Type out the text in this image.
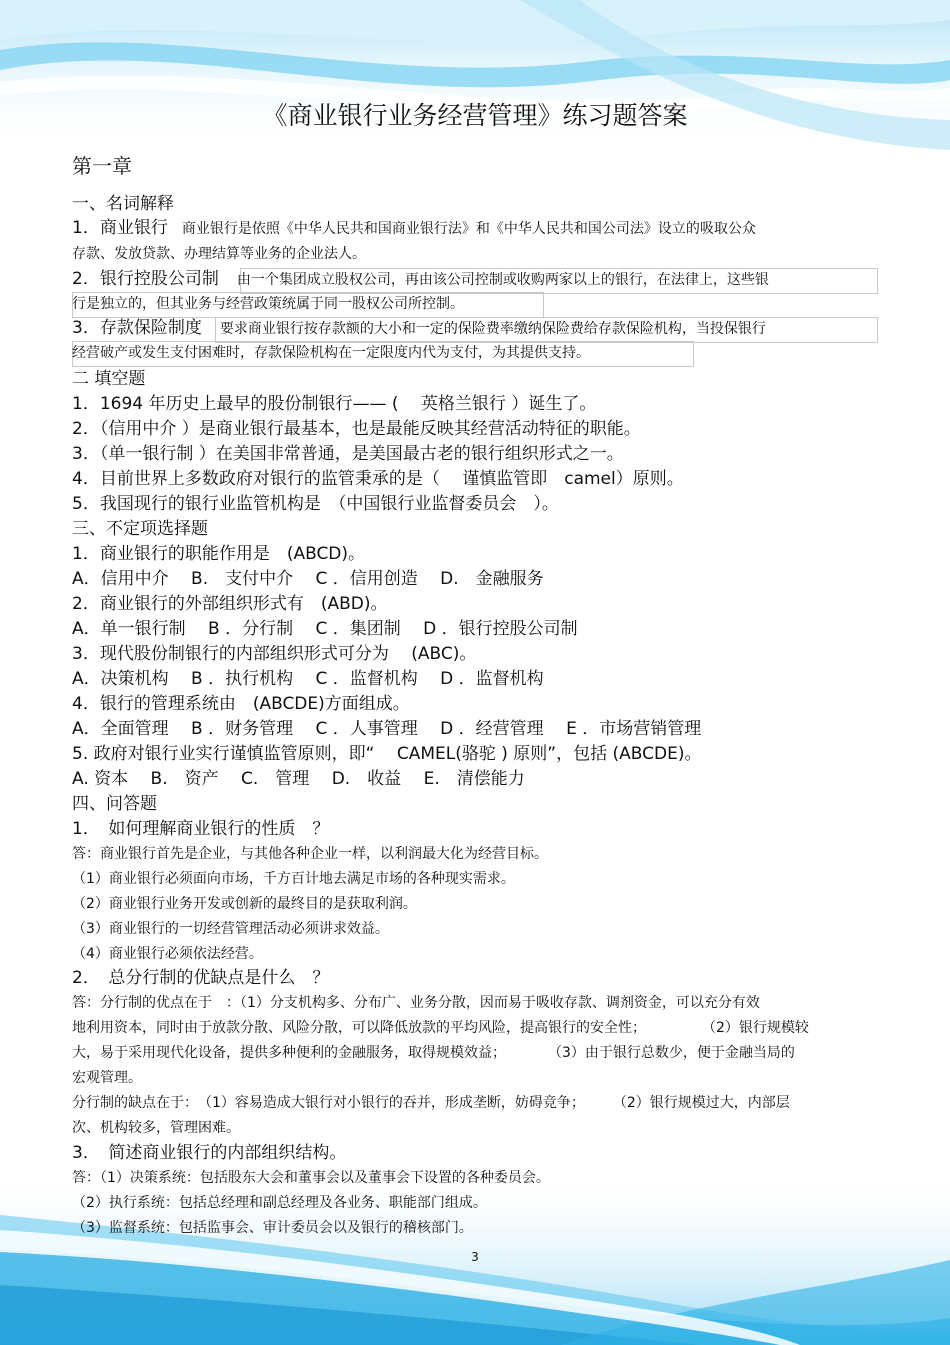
《商业银行业务经营管理》练习题答案
第一章
一、名词解释
1．商业银行 商业银行是依照《中华人民共和国商业银行法》和《中华人民共和国公司法》设立的吸取公众
存款、发放贷款、办理结算等业务的企业法人。
2．银行控股公司制 由一个集团成立股权公司，再由该公司控制或收购两家以上的银行，在法律上，这些银
行是独立的，但其业务与经营政策统属于同一股权公司所控制。
3．存款保险制度 要求商业银行按存款额的大小和一定的保险费率缴纳保险费给存款保险机构，当投保银行
经营破产或发生支付困难时，存款保险机构在一定限度内代为支付，为其提供支持。
二 填空题
1．1694 年历史上最早的股份制银行—— (　 英格兰银行 ）诞生了。
2．（信用中介 ）是商业银行最基本，也是最能反映其经营活动特征的职能。
3．（单一银行制 ）在美国非常普通，是美国最古老的银行组织形式之一。
4．目前世界上多数政府对银行的监管秉承的是（　 谨慎监管即　camel）原则。
5．我国现行的银行业监管机构是　（中国银行业监督委员会　）。
三、不定项选择题
1．商业银行的职能作用是　(ABCD)。
A．信用中介　 B.　支付中介　 C ．信用创造　 D.　金融服务
2．商业银行的外部组织形式有　(ABD)。
A．单一银行制　 B ．分行制　 C ．集团制　 D ．银行控股公司制
3．现代股份制银行的内部组织形式可分为　 (ABC)。
A．决策机构　 B ．执行机构　 C ．监督机构　 D ．监督机构
4．银行的管理系统由　(ABCDE)方面组成。
A．全面管理　 B ．财务管理　 C ．人事管理　 D ．经营管理　 E ．市场营销管理
5. 政府对银行业实行谨慎监管原则，即“　 CAMEL(骆驼 ) 原则”，包括 (ABCDE)。
A. 资本　 B.　资产　 C.　管理　 D.　收益　 E.　清偿能力
四、问答题
1．　如何理解商业银行的性质　？
答：商业银行首先是企业，与其他各种企业一样，以利润最大化为经营目标。
（1）商业银行必须面向市场，千方百计地去满足市场的各种现实需求。
（2）商业银行业务开发或创新的最终目的是获取利润。
（3）商业银行的一切经营管理活动必须讲求效益。
（4）商业银行必须依法经营。
2．　总分行制的优缺点是什么　？
答：分行制的优点在于　：（1）分支机构多、分布广、业务分散，因而易于吸收存款、调剂资金，可以充分有效
地利用资本，同时由于放款分散、风险分散，可以降低放款的平均风险，提高银行的安全性；　　　　　（2）银行规模较
大，易于采用现代化设备，提供多种便利的金融服务，取得规模效益；　　　　（3）由于银行总数少，便于金融当局的
宏观管理。
分行制的缺点在于：　（1）容易造成大银行对小银行的吞并，形成垄断，妨碍竞争；　　　（2）银行规模过大，内部层
次、机构较多，管理困难。
3．　简述商业银行的内部组织结构。
答：（1）决策系统：包括股东大会和董事会以及董事会下设置的各种委员会。
（2）执行系统：包括总经理和副总经理及各业务、职能部门组成。
（3）监督系统：包括监事会、审计委员会以及银行的稽核部门。
3
